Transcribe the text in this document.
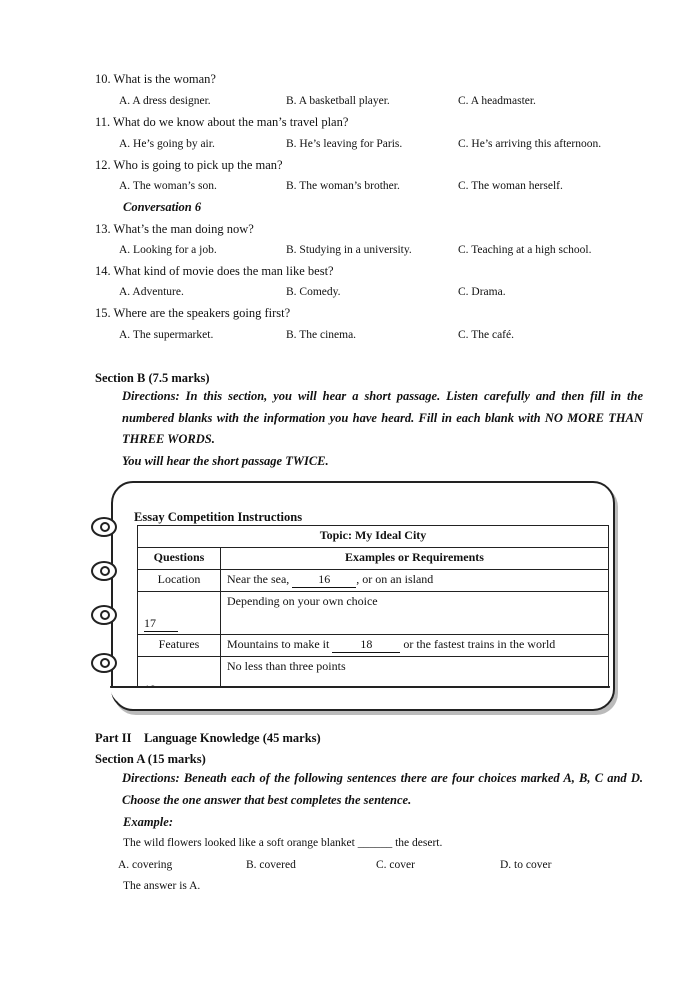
10. What is the woman?
A. A dress designer.	B. A basketball player.	C. A headmaster.
11. What do we know about the man’s travel plan?
A. He’s going by air.	B. He’s leaving for Paris.	C. He’s arriving this afternoon.
12. Who is going to pick up the man?
A. The woman’s son.	B. The woman’s brother.	C. The woman herself.
Conversation 6
13. What’s the man doing now?
A. Looking for a job.	B. Studying in a university.	C. Teaching at a high school.
14. What kind of movie does the man like best?
A. Adventure.	B. Comedy.	C. Drama.
15. Where are the speakers going first?
A. The supermarket.	B. The cinema.	C. The café.
Section B (7.5 marks)
Directions: In this section, you will hear a short passage. Listen carefully and then fill in the numbered blanks with the information you have heard. Fill in each blank with NO MORE THAN THREE WORDS.
You will hear the short passage TWICE.
Essay Competition Instructions
Topic: My Ideal City	
Questions	Examples or Requirements
Location	Near the sea, 16 , or on an island
17	Depending on your own choice
Features	Mountains to make it 18 or the fastest trains in the world

	No less than three points
Part II    Language Knowledge (45 marks)
Section A (15 marks)
Directions: Beneath each of the following sentences there are four choices marked A, B, C and D. Choose the one answer that best completes the sentence.
Example:
The wild flowers looked like a soft orange blanket ______ the desert.
A. covering	B. covered	C. cover	D. to cover
The answer is A.
